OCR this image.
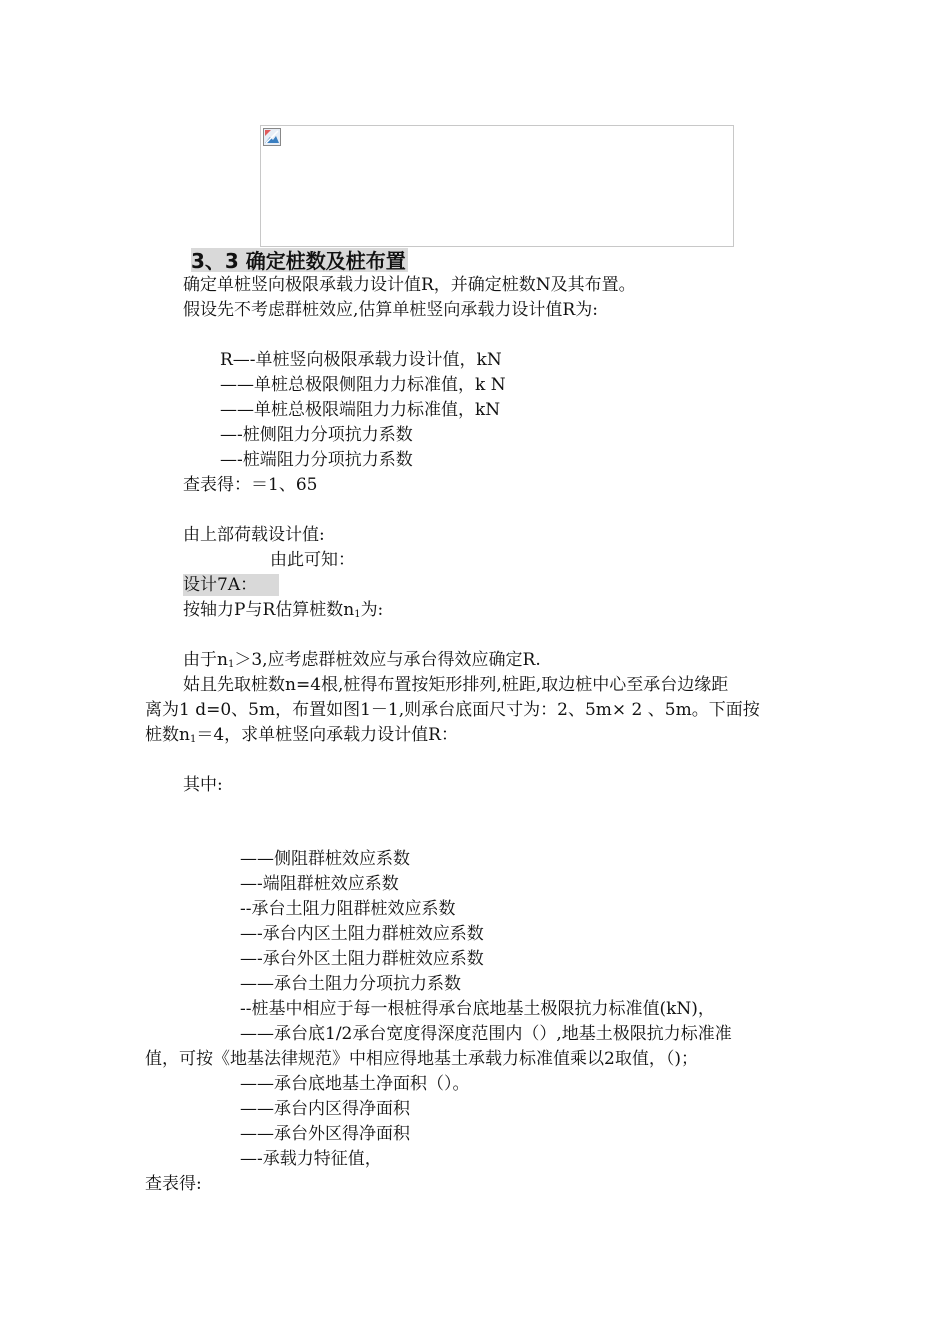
3、3 确定桩数及桩布置
确定单桩竖向极限承载力设计值R，并确定桩数N及其布置。
假设先不考虑群桩效应,估算单桩竖向承载力设计值R为:
R—-单桩竖向极限承载力设计值，kN
——单桩总极限侧阻力力标准值，k N
——单桩总极限端阻力力标准值，kN
—-桩侧阻力分项抗力系数
—-桩端阻力分项抗力系数
查表得：＝1、65
由上部荷载设计值:
由此可知：
设计7A：
按轴力P与R估算桩数$n_1$为:
由于$n_1>3$,应考虑群桩效应与承台得效应确定R.
姑且先取桩数n=4根,桩得布置按矩形排列,桩距,取边桩中心至承台边缘距
离为1 d=0、5m，布置如图1－1,则承台底面尺寸为：2、5m× 2 、5m。下面按
桩数$n_1=4$，求单桩竖向承载力设计值R：
其中:
——侧阻群桩效应系数
—-端阻群桩效应系数
--承台土阻力阻群桩效应系数
—-承台内区土阻力群桩效应系数
—-承台外区土阻力群桩效应系数
——承台土阻力分项抗力系数
--桩基中相应于每一根桩得承台底地基土极限抗力标准值(kN)，
——承台底1/2承台宽度得深度范围内（）,地基土极限抗力标准准
值，可按《地基法律规范》中相应得地基土承载力标准值乘以2取值，（)；
——承台底地基土净面积（）。
——承台内区得净面积
——承台外区得净面积
—-承载力特征值，
查表得:
